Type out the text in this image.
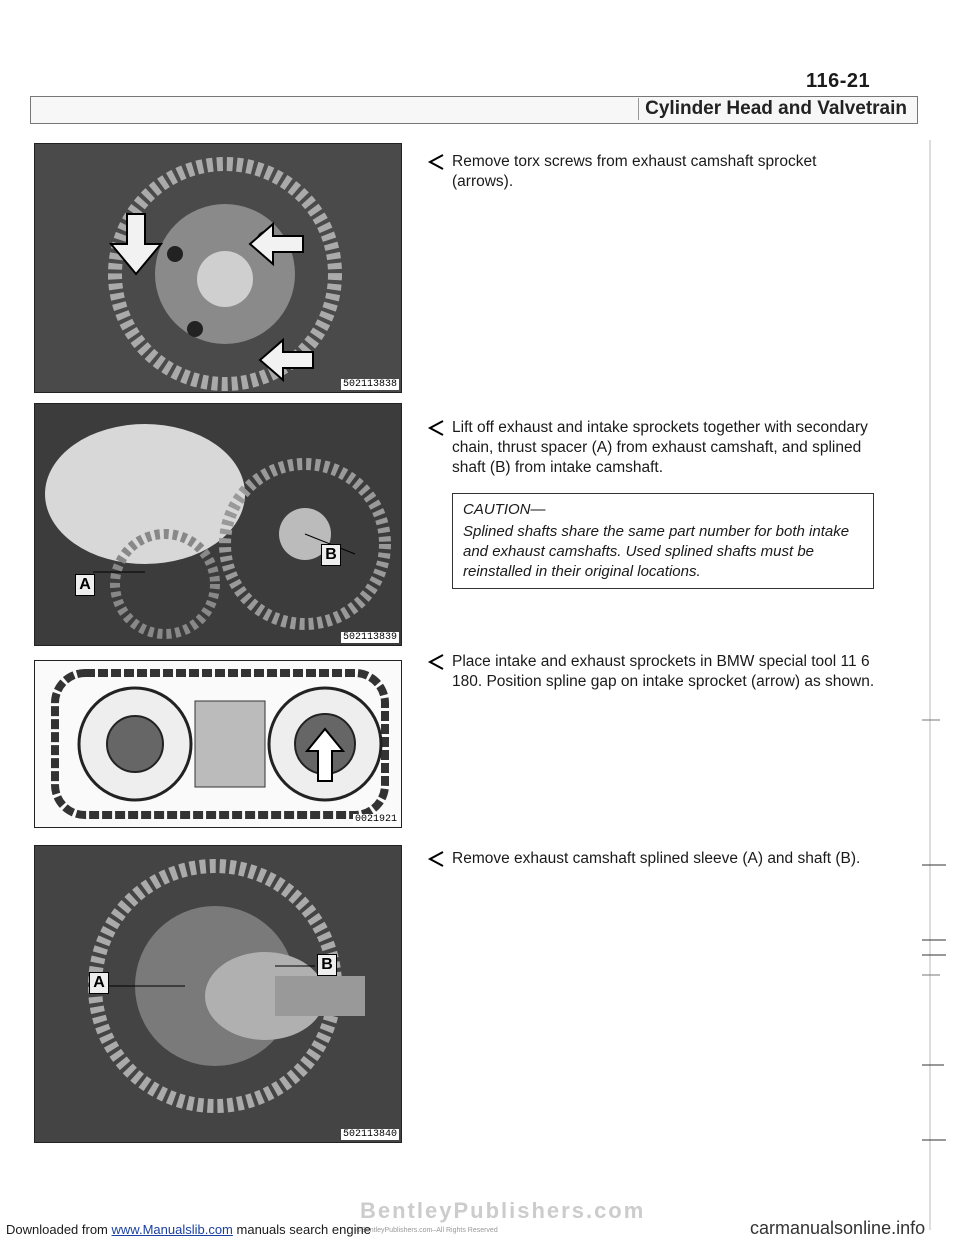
116-21
Cylinder Head and Valvetrain
502113838
B
A
502113839
0021921
B
A
502113840
Remove torx screws from exhaust camshaft sprocket (arrows).
Lift off exhaust and intake sprockets together with secondary chain, thrust spacer (A) from exhaust camshaft, and splined shaft (B) from intake camshaft.
CAUTION—
Splined shafts share the same part number for both intake and exhaust camshafts. Used splined shafts must be reinstalled in their original locations.
Place intake and exhaust sprockets in BMW special tool 11 6 180. Position spline gap on intake sprocket (arrow) as shown.
Remove exhaust camshaft splined sleeve (A) and shaft (B).
BentleyPublishers.com
©BentleyPublishers.com–All Rights Reserved
Downloaded from www.Manualslib.com manuals search engine	carmanualsonline.info
